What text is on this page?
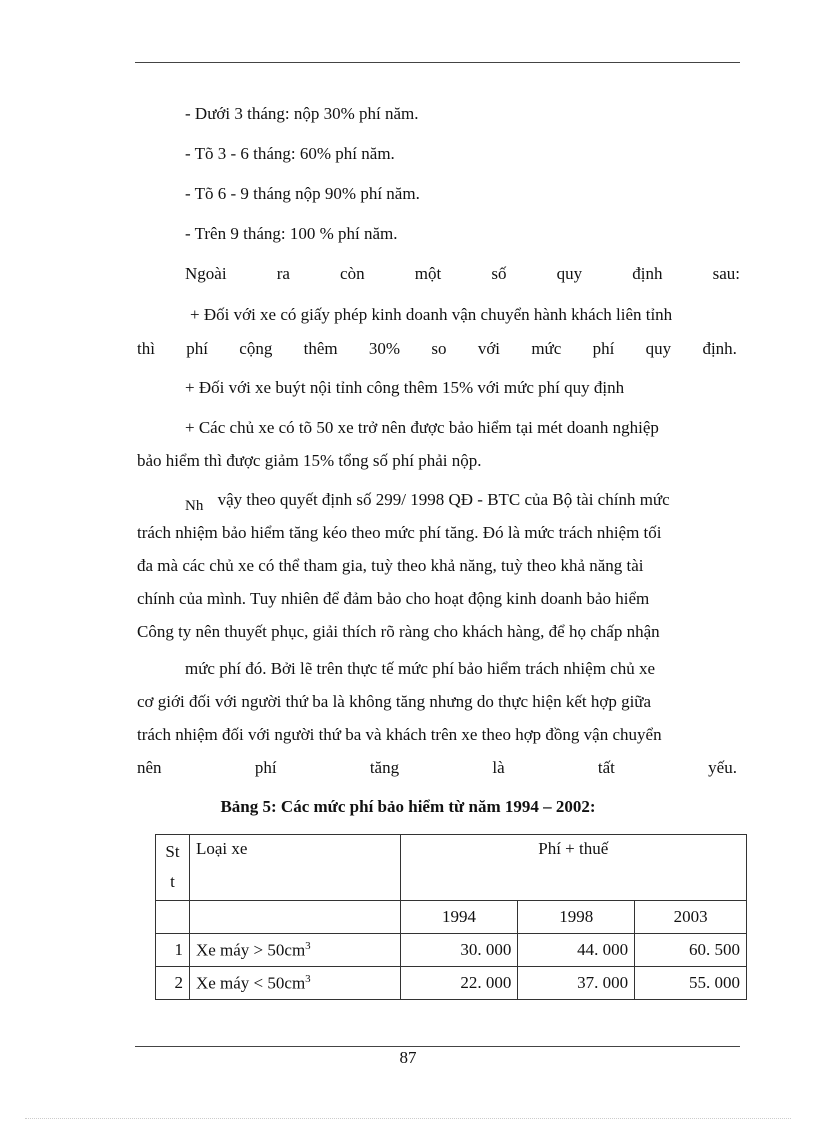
- Dưới 3 tháng: nộp 30% phí năm.
- Tõ 3 - 6 tháng: 60% phí năm.
- Tõ 6 - 9 tháng nộp 90% phí năm.
- Trên 9 tháng: 100 % phí năm.
Ngoài	ra	còn	một	số	quy	định	sau:
+ Đối với xe có giấy phép kinh doanh vận chuyển hành khách liên tỉnh
thì phí cộng thêm 30% so với mức phí quy định.
+ Đối với xe buýt nội tỉnh công thêm 15% với mức phí quy định
+ Các chủ xe có tõ 50 xe trở nên được bảo hiểm tại mét doanh nghiệp
bảo hiểm thì được giảm 15% tổng số phí phải nộp.
Nh vậy theo quyết định số 299/ 1998 QĐ - BTC của Bộ tài chính mức
trách nhiệm bảo hiểm tăng kéo theo mức phí tăng. Đó là mức trách nhiệm tối
đa mà các chủ xe có thể tham gia, tuỳ theo khả năng, tuỳ theo khả năng tài
chính của mình. Tuy nhiên để đảm bảo cho hoạt động kinh doanh bảo hiểm
Công ty nên thuyết phục, giải thích rõ ràng cho khách hàng, để họ chấp nhận
mức phí đó. Bởi lẽ trên thực tế mức phí bảo hiểm trách nhiệm chủ xe
cơ giới đối với người thứ ba là không tăng nhưng do thực hiện kết hợp giữa
trách nhiệm đối với người thứ ba và khách trên xe theo hợp đồng vận chuyển
nên	phí	tăng	là	tất	yếu.
Bảng 5: Các mức phí bảo hiểm từ năm 1994 – 2002:
St
t	Loại xe	Phí + thuế		
		1994	1998	2003
1	Xe máy > $50cm^3$	30. 000	44. 000	60. 500
2	Xe máy < $50cm^3$	22. 000	37. 000	55. 000
87
